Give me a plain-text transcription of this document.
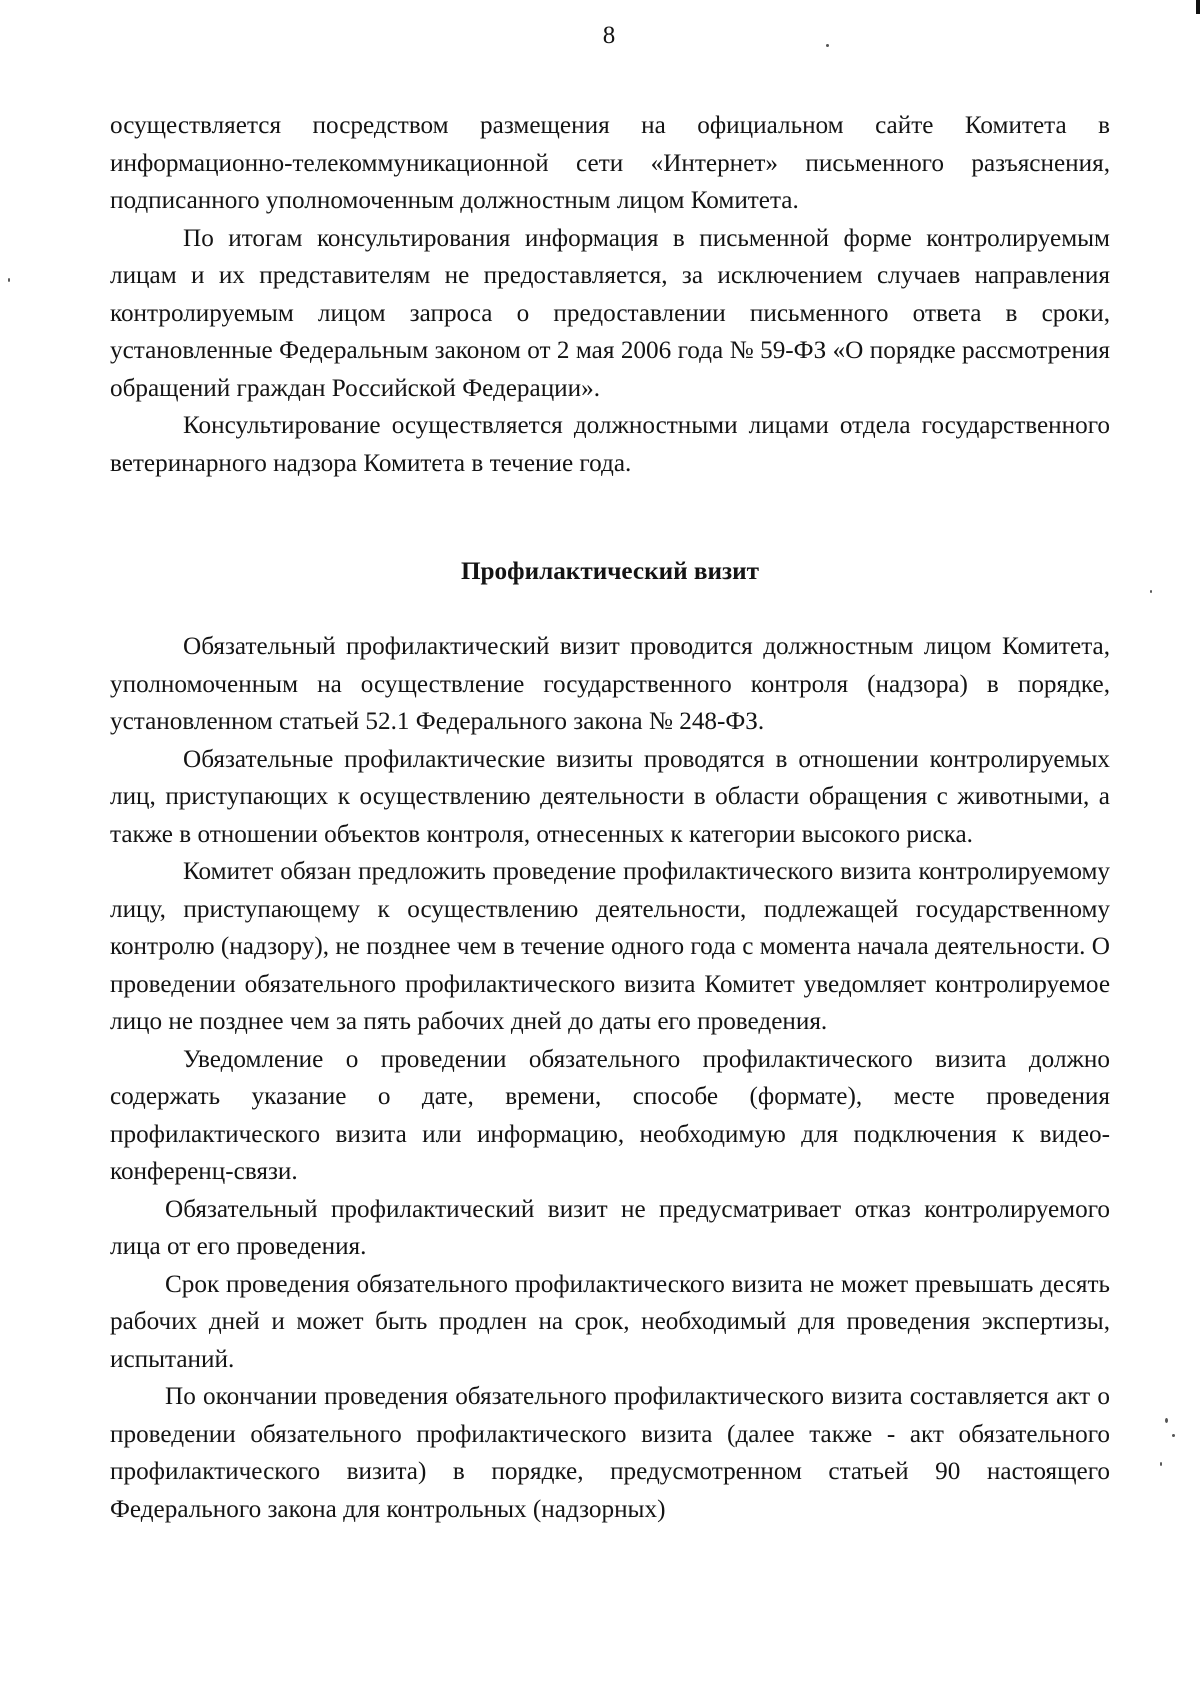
8

осуществляется посредством размещения на официальном сайте Комитета в информационно-телекоммуникационной сети «Интернет» письменного разъяснения, подписанного уполномоченным должностным лицом Комитета.

По итогам консультирования информация в письменной форме контролируемым лицам и их представителям не предоставляется, за исключением случаев направления контролируемым лицом запроса о предоставлении письменного ответа в сроки, установленные Федеральным законом от 2 мая 2006 года № 59-ФЗ «О порядке рассмотрения обращений граждан Российской Федерации».

Консультирование осуществляется должностными лицами отдела государственного ветеринарного надзора Комитета в течение года.

Профилактический визит

Обязательный профилактический визит проводится должностным лицом Комитета, уполномоченным на осуществление государственного контроля (надзора) в порядке, установленном статьей 52.1 Федерального закона № 248-ФЗ.

Обязательные профилактические визиты проводятся в отношении контролируемых лиц, приступающих к осуществлению деятельности в области обращения с животными, а также в отношении объектов контроля, отнесенных к категории высокого риска.

Комитет обязан предложить проведение профилактического визита контролируемому лицу, приступающему к осуществлению деятельности, подлежащей государственному контролю (надзору), не позднее чем в течение одного года с момента начала деятельности. О проведении обязательного профилактического визита Комитет уведомляет контролируемое лицо не позднее чем за пять рабочих дней до даты его проведения.

Уведомление о проведении обязательного профилактического визита должно содержать указание о дате, времени, способе (формате), месте проведения профилактического визита или информацию, необходимую для подключения к видео-конференц-связи.

Обязательный профилактический визит не предусматривает отказ контролируемого лица от его проведения.

Срок проведения обязательного профилактического визита не может превышать десять рабочих дней и может быть продлен на срок, необходимый для проведения экспертизы, испытаний.

По окончании проведения обязательного профилактического визита составляется акт о проведении обязательного профилактического визита (далее также - акт обязательного профилактического визита) в порядке, предусмотренном статьей 90 настоящего Федерального закона для контрольных (надзорных)
